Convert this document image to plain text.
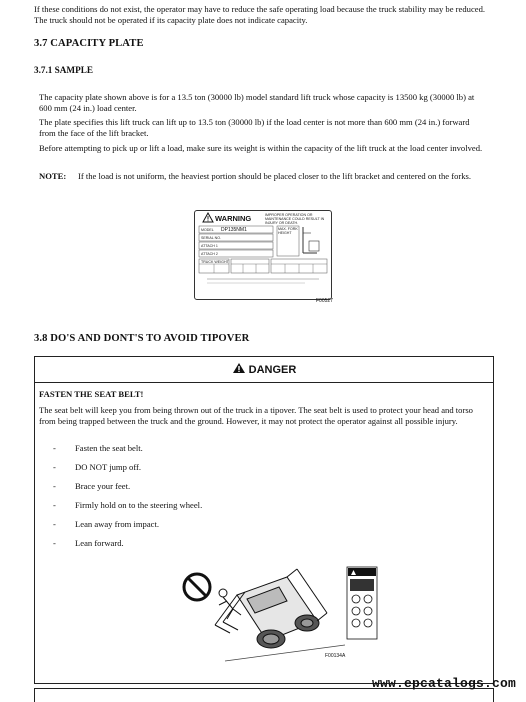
If these conditions do not exist, the operator may have to reduce the safe operating load because the truck stability may be reduced. The truck should not be operated if its capacity plate does not indicate capacity.
3.7 CAPACITY PLATE
3.7.1 SAMPLE
The capacity plate shown above is for a 13.5 ton (30000 lb) model standard lift truck whose capacity is 13500 kg (30000 lb) at 600 mm (24 in.) load center.
The plate specifies this lift truck can lift up to 13.5 ton (30000 lb) if the load center is not more than 600 mm (24 in.) forward from the face of the lift bracket.
Before attempting to pick up or lift a load, make sure its weight is within the capacity of the lift truck at the load center involved.
NOTE: If the load is not uniform, the heaviest portion should be placed closer to the lift bracket and centered on the forks.
WARNING	IMPROPER OPERATION OR MAINTENANCE COULD RESULT IN INJURY OR DEATH.
MODEL DP135NM1
SERIAL NO.
ATTACH 1
ATTACH 2
TRUCK WEIGHT
MAX. FORK HEIGHT
F00527
3.8 DO'S AND DONT'S TO AVOID TIPOVER
DANGER
FASTEN THE SEAT BELT!
The seat belt will keep you from being thrown out of the truck in a tipover. The seat belt is used to protect your head and torso from being trapped between the truck and the ground. However, it may not protect the operator against all possible injury.
- Fasten the seat belt.
- DO NOT jump off.
- Brace your feet.
- Firmly hold on to the steering wheel.
- Lean away from impact.
- Lean forward.
F00134A
www.epcatalogs.com
